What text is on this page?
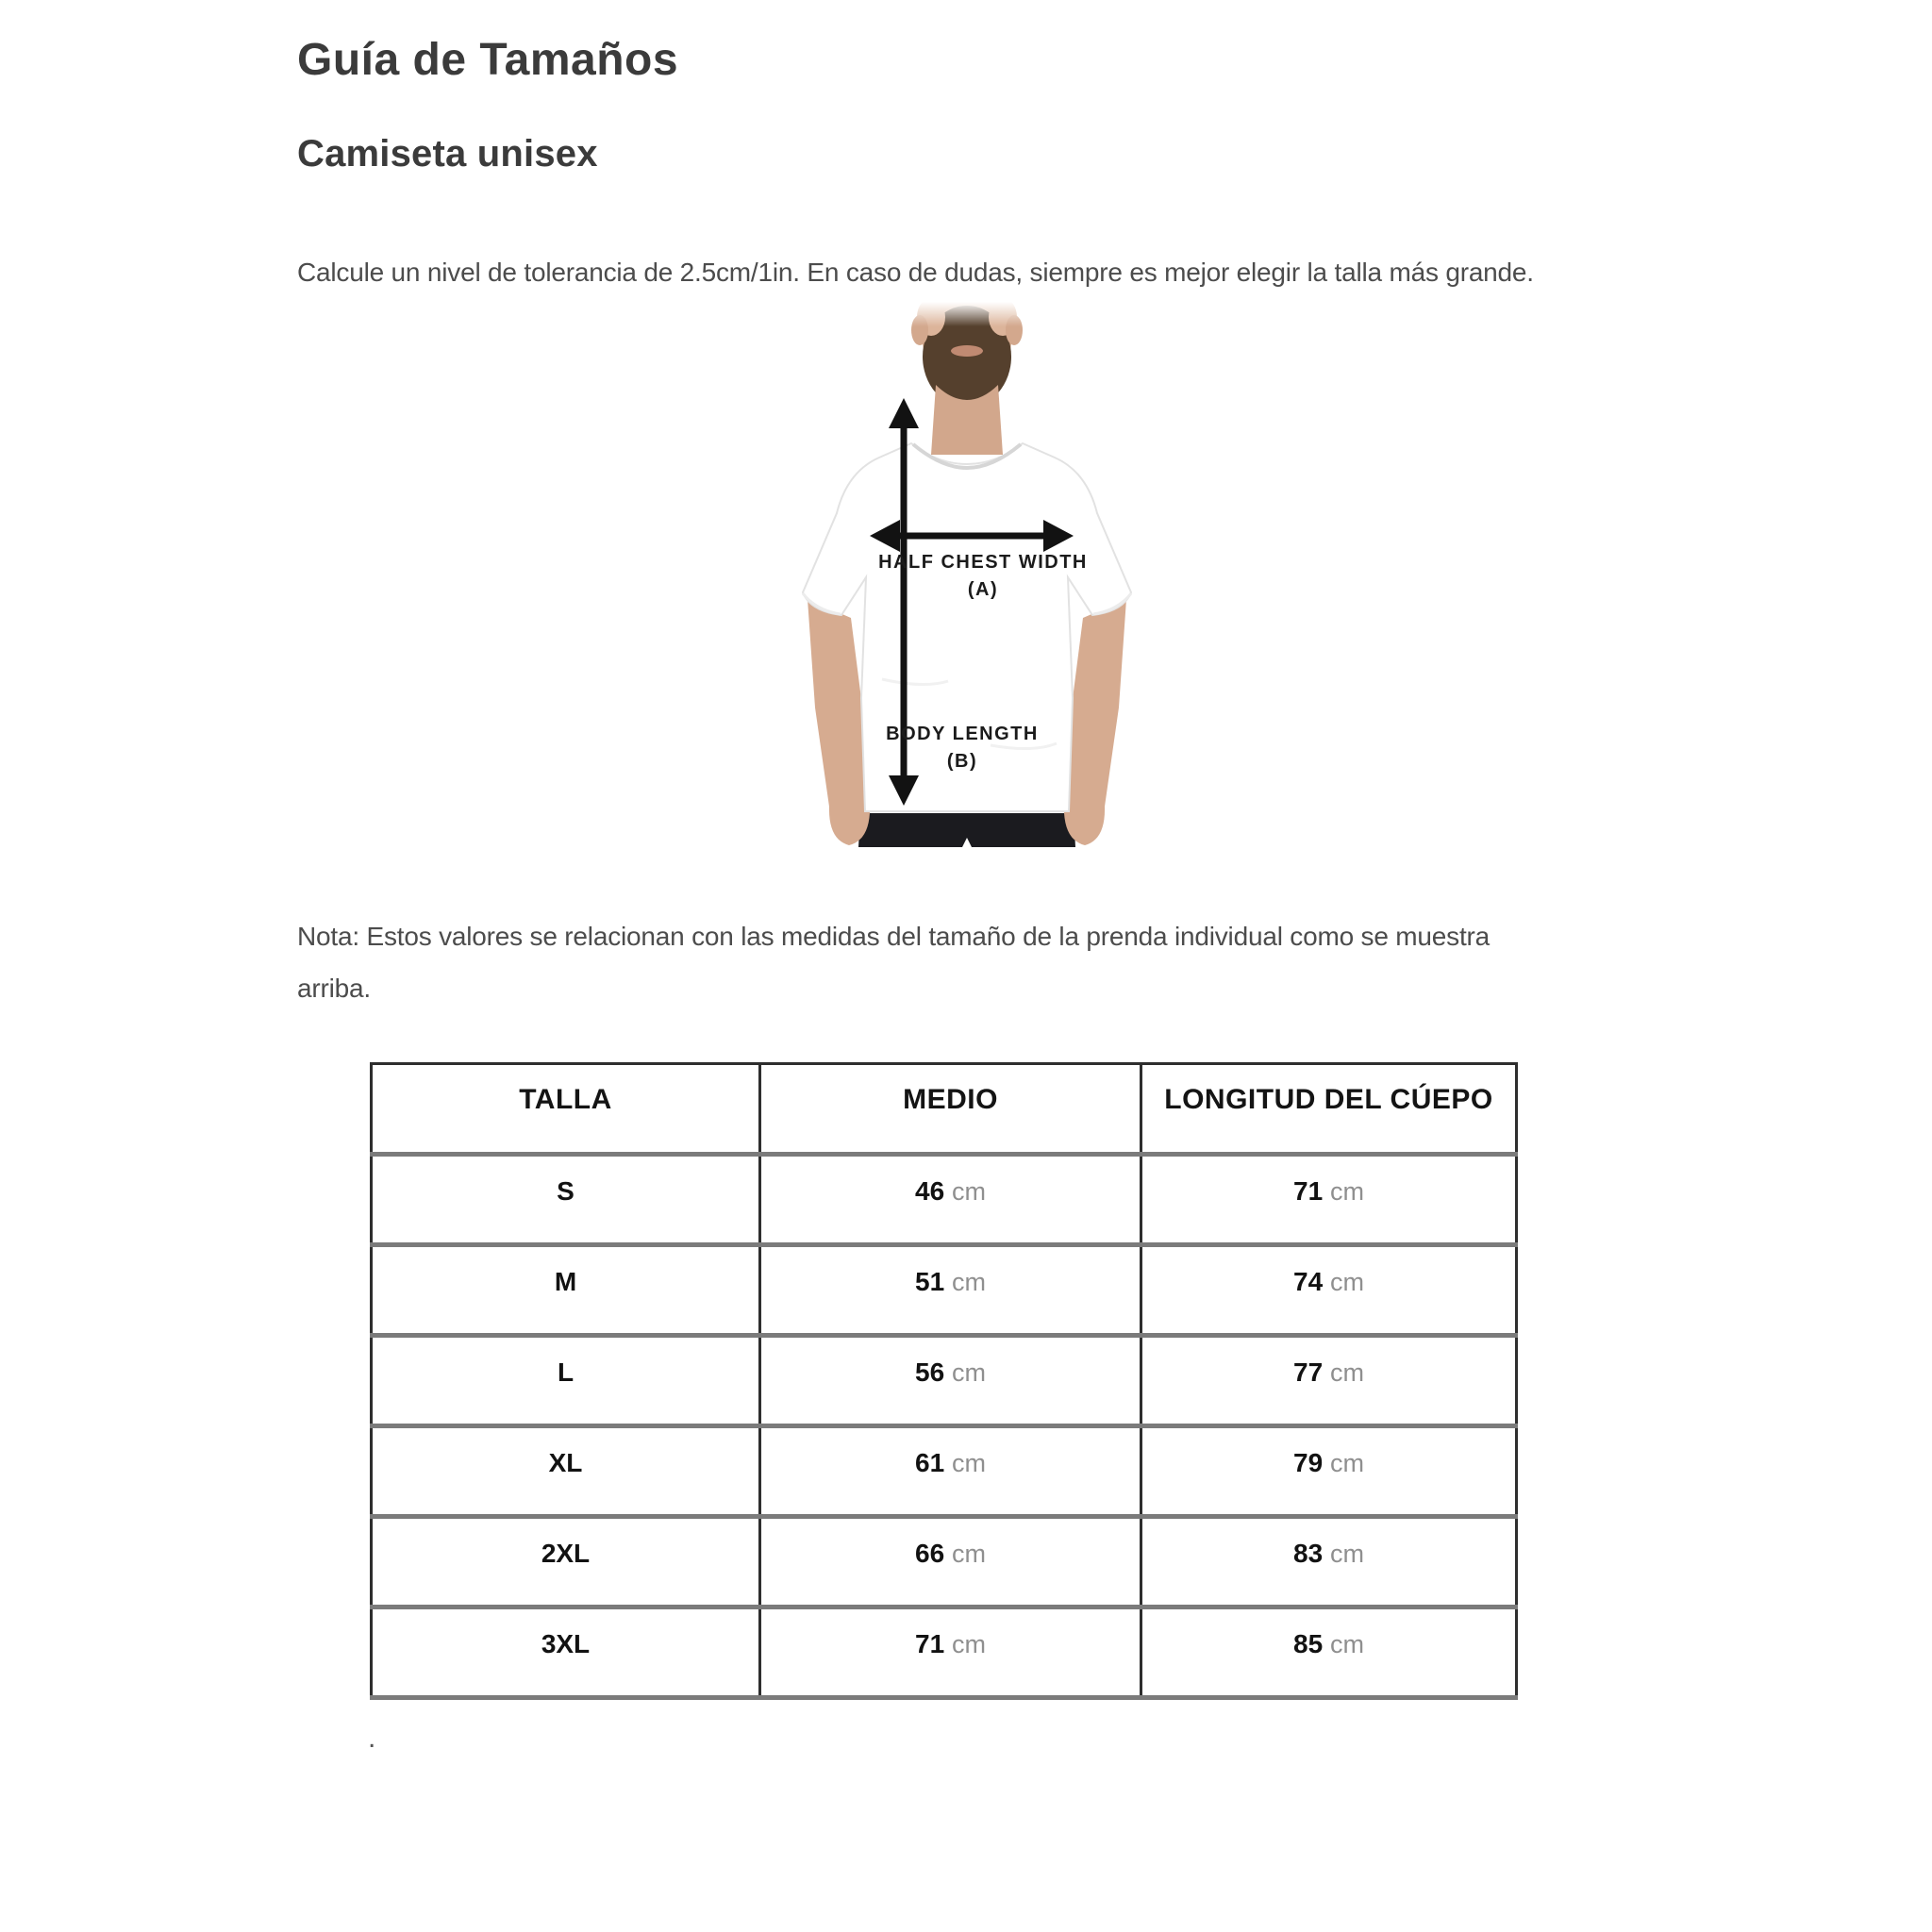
Guía de Tamaños
Camiseta unisex

Calcule un nivel de tolerancia de 2.5cm/1in. En caso de dudas, siempre es mejor elegir la talla más grande.

HALF CHEST WIDTH
(A)
BODY LENGTH
(B)

Nota: Estos valores se relacionan con las medidas del tamaño de la prenda individual como se muestra arriba.

TALLA	MEDIO	LONGITUD DEL CÚEPO
S	46 cm	71 cm
M	51 cm	74 cm
L	56 cm	77 cm
XL	61 cm	79 cm
2XL	66 cm	83 cm
3XL	71 cm	85 cm
.
